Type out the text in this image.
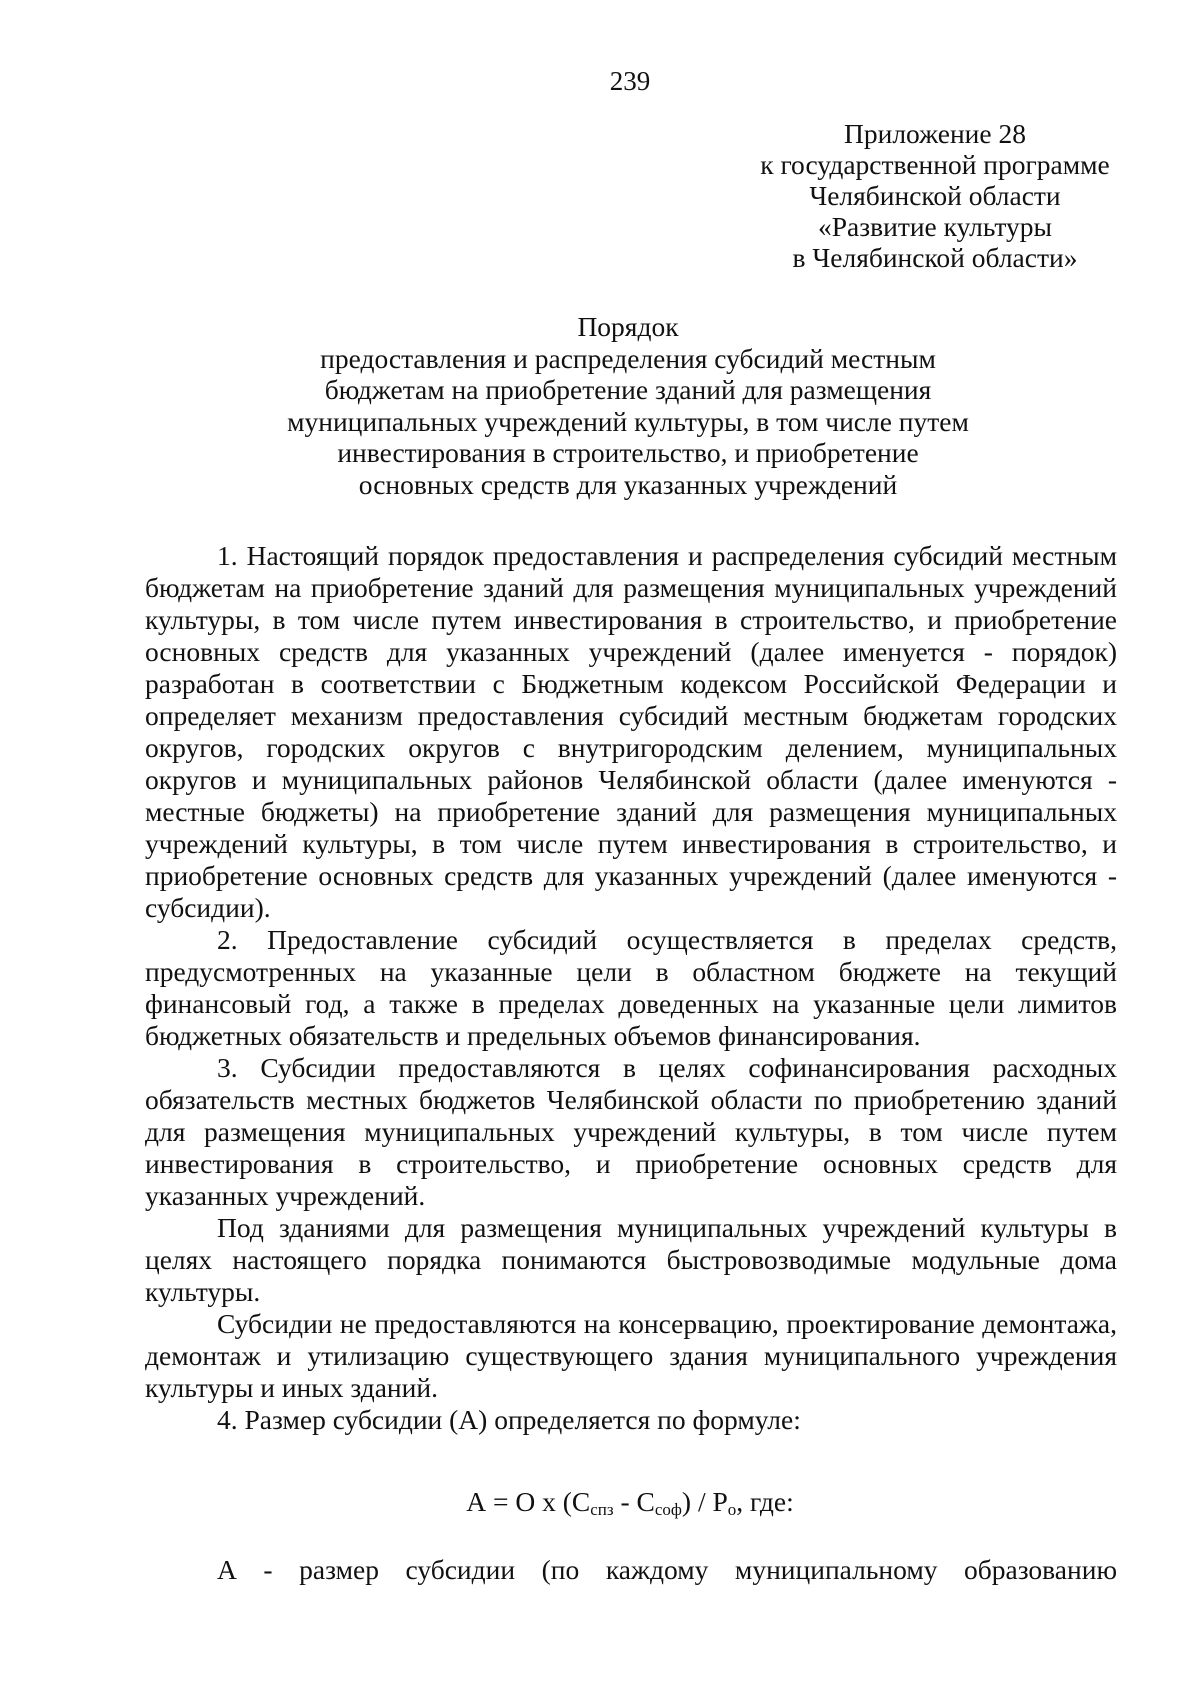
239
Приложение 28
к государственной программе
Челябинской области
«Развитие культуры
в Челябинской области»
Порядок
предоставления и распределения субсидий местным
бюджетам на приобретение зданий для размещения
муниципальных учреждений культуры, в том числе путем
инвестирования в строительство, и приобретение
основных средств для указанных учреждений

1. Настоящий порядок предоставления и распределения субсидий местным бюджетам на приобретение зданий для размещения муниципальных учреждений культуры, в том числе путем инвестирования в строительство, и приобретение основных средств для указанных учреждений (далее именуется - порядок) разработан в соответствии с Бюджетным кодексом Российской Федерации и определяет механизм предоставления субсидий местным бюджетам городских округов, городских округов с внутригородским делением, муниципальных округов и муниципальных районов Челябинской области (далее именуются - местные бюджеты) на приобретение зданий для размещения муниципальных учреждений культуры, в том числе путем инвестирования в строительство, и приобретение основных средств для указанных учреждений (далее именуются - субсидии).

2. Предоставление субсидий осуществляется в пределах средств, предусмотренных на указанные цели в областном бюджете на текущий финансовый год, а также в пределах доведенных на указанные цели лимитов бюджетных обязательств и предельных объемов финансирования.

3. Субсидии предоставляются в целях софинансирования расходных обязательств местных бюджетов Челябинской области по приобретению зданий для размещения муниципальных учреждений культуры, в том числе путем инвестирования в строительство, и приобретение основных средств для указанных учреждений.

Под зданиями для размещения муниципальных учреждений культуры в целях настоящего порядка понимаются быстровозводимые модульные дома культуры.

Субсидии не предоставляются на консервацию, проектирование демонтажа, демонтаж и утилизацию существующего здания муниципального учреждения культуры и иных зданий.

4. Размер субсидии (А) определяется по формуле:

А = О х $(С_{спз} - С_{соф}) / Р_о$, где:
А - размер субсидии (по каждому муниципальному образованию
